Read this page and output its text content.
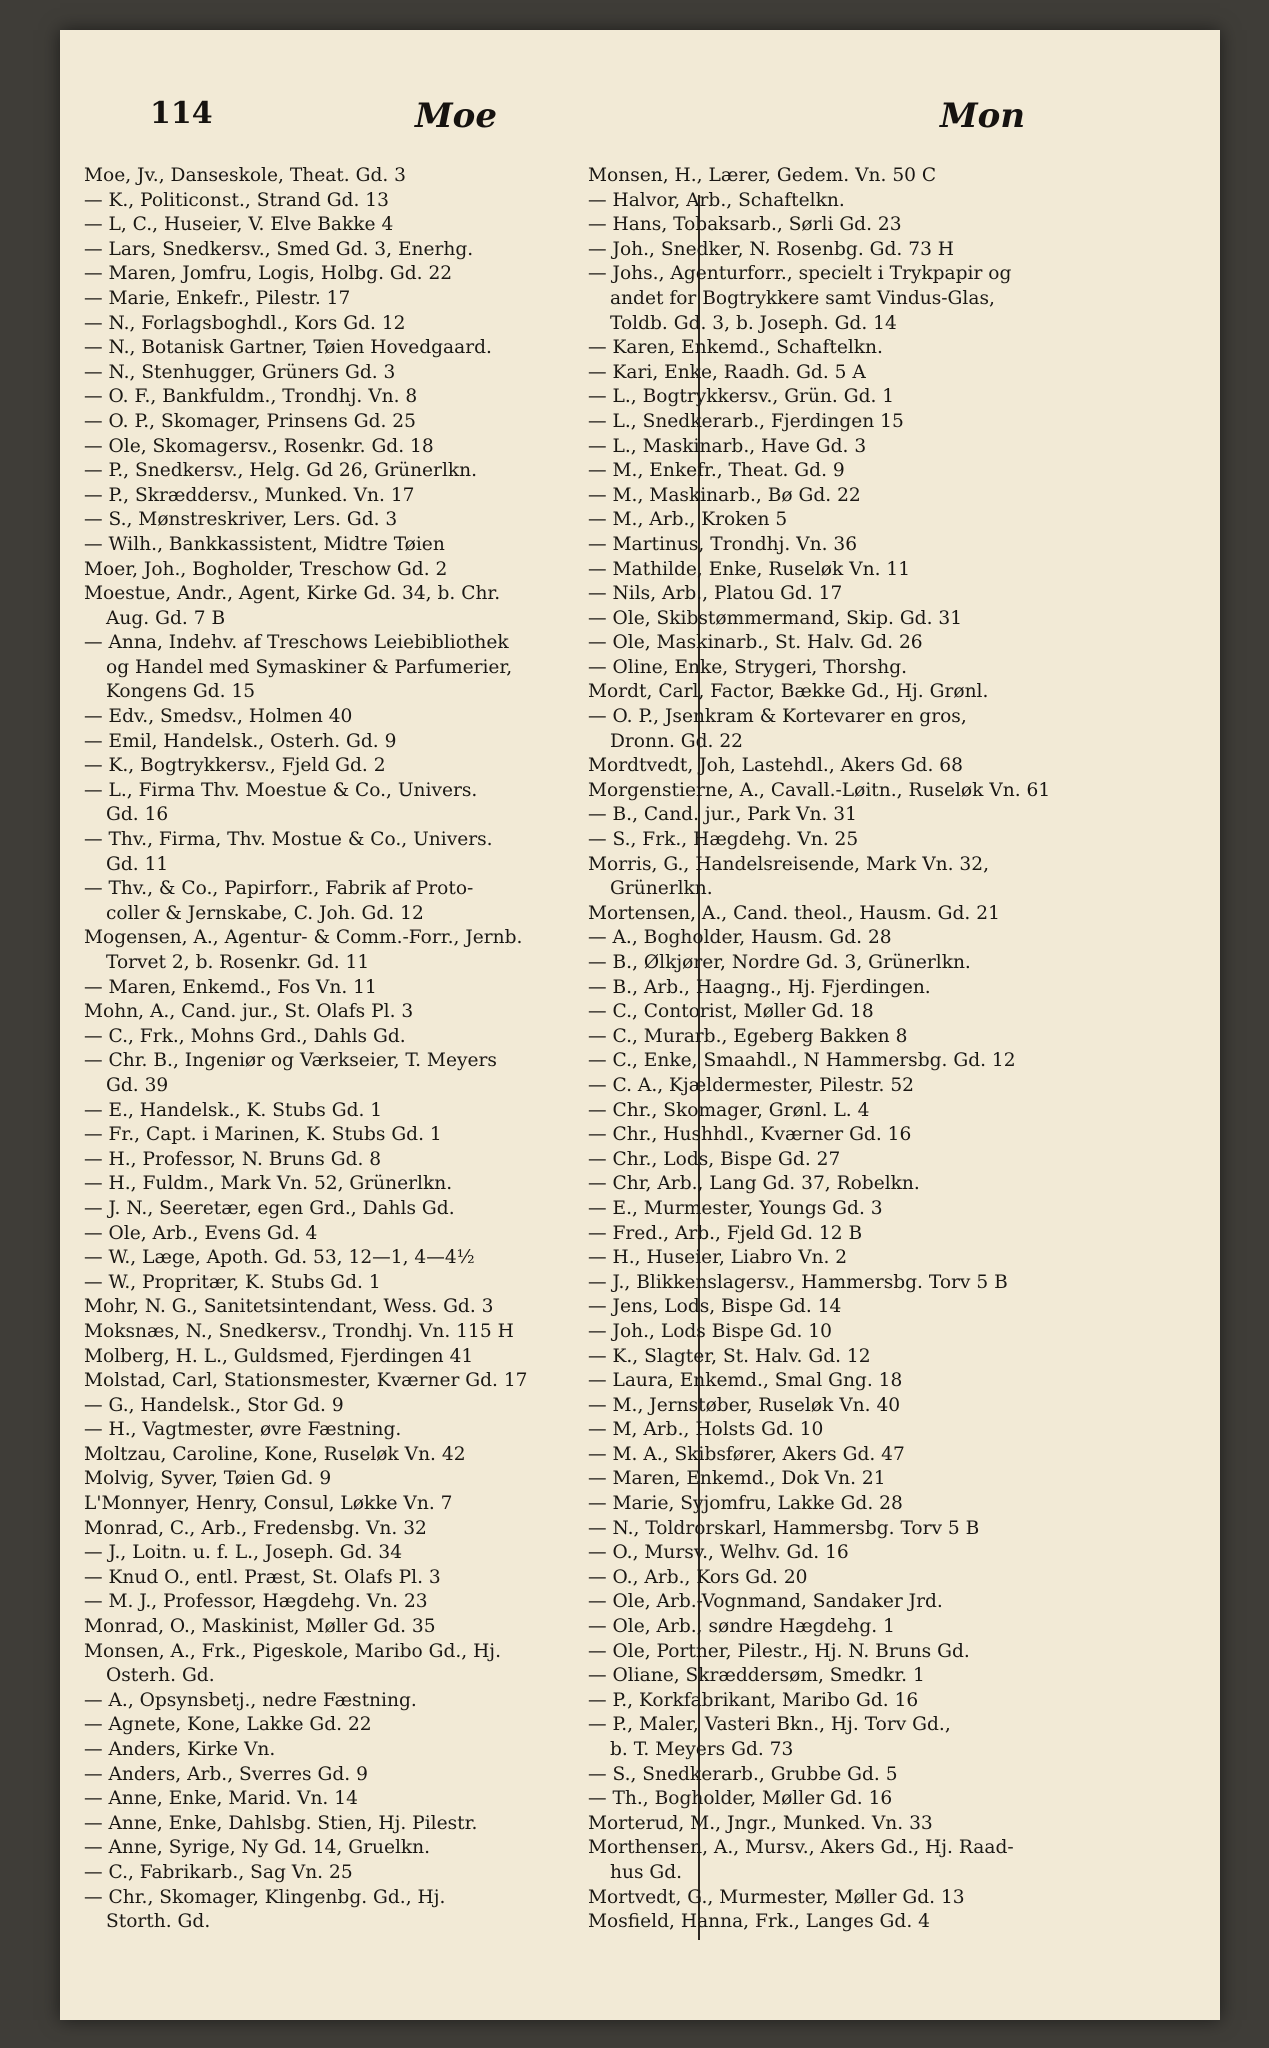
114	Moe	Mon
Moe, Jv., Danseskole, Theat. Gd. 3
— K., Politiconst., Strand Gd. 13
— L, C., Huseier, V. Elve Bakke 4
— Lars, Snedkersv., Smed Gd. 3, Enerhg.
— Maren, Jomfru, Logis, Holbg. Gd. 22
— Marie, Enkefr., Pilestr. 17
— N., Forlagsboghdl., Kors Gd. 12
— N., Botanisk Gartner, Tøien Hovedgaard.
— N., Stenhugger, Grüners Gd. 3
— O. F., Bankfuldm., Trondhj. Vn. 8
— O. P., Skomager, Prinsens Gd. 25
— Ole, Skomagersv., Rosenkr. Gd. 18
— P., Snedkersv., Helg. Gd 26, Grünerlkn.
— P., Skræddersv., Munked. Vn. 17
— S., Mønstreskriver, Lers. Gd. 3
— Wilh., Bankkassistent, Midtre Tøien
Moer, Joh., Bogholder, Treschow Gd. 2
Moestue, Andr., Agent, Kirke Gd. 34, b. Chr.
Aug. Gd. 7 B
— Anna, Indehv. af Treschows Leiebibliothek
og Handel med Symaskiner & Parfumerier,
Kongens Gd. 15
— Edv., Smedsv., Holmen 40
— Emil, Handelsk., Osterh. Gd. 9
— K., Bogtrykkersv., Fjeld Gd. 2
— L., Firma Thv. Moestue & Co., Univers.
Gd. 16
— Thv., Firma, Thv. Mostue & Co., Univers.
Gd. 11
— Thv., & Co., Papirforr., Fabrik af Proto-
coller & Jernskabe, C. Joh. Gd. 12
Mogensen, A., Agentur- & Comm.-Forr., Jernb.
Torvet 2, b. Rosenkr. Gd. 11
— Maren, Enkemd., Fos Vn. 11
Mohn, A., Cand. jur., St. Olafs Pl. 3
— C., Frk., Mohns Grd., Dahls Gd.
— Chr. B., Ingeniør og Værkseier, T. Meyers
Gd. 39
— E., Handelsk., K. Stubs Gd. 1
— Fr., Capt. i Marinen, K. Stubs Gd. 1
— H., Professor, N. Bruns Gd. 8
— H., Fuldm., Mark Vn. 52, Grünerlkn.
— J. N., Seeretær, egen Grd., Dahls Gd.
— Ole, Arb., Evens Gd. 4
— W., Læge, Apoth. Gd. 53, 12—1, 4—4½
— W., Propritær, K. Stubs Gd. 1
Mohr, N. G., Sanitetsintendant, Wess. Gd. 3
Moksnæs, N., Snedkersv., Trondhj. Vn. 115 H
Molberg, H. L., Guldsmed, Fjerdingen 41
Molstad, Carl, Stationsmester, Kværner Gd. 17
— G., Handelsk., Stor Gd. 9
— H., Vagtmester, øvre Fæstning.
Moltzau, Caroline, Kone, Ruseløk Vn. 42
Molvig, Syver, Tøien Gd. 9
L'Monnyer, Henry, Consul, Løkke Vn. 7
Monrad, C., Arb., Fredensbg. Vn. 32
— J., Loitn. u. f. L., Joseph. Gd. 34
— Knud O., entl. Præst, St. Olafs Pl. 3
— M. J., Professor, Hægdehg. Vn. 23
Monrad, O., Maskinist, Møller Gd. 35
Monsen, A., Frk., Pigeskole, Maribo Gd., Hj.
Osterh. Gd.
— A., Opsynsbetj., nedre Fæstning.
— Agnete, Kone, Lakke Gd. 22
— Anders, Kirke Vn.
— Anders, Arb., Sverres Gd. 9
— Anne, Enke, Marid. Vn. 14
— Anne, Enke, Dahlsbg. Stien, Hj. Pilestr.
— Anne, Syrige, Ny Gd. 14, Gruelkn.
— C., Fabrikarb., Sag Vn. 25
— Chr., Skomager, Klingenbg. Gd., Hj.
Storth. Gd.
Monsen, H., Lærer, Gedem. Vn. 50 C
— Halvor, Arb., Schaftelkn.
— Hans, Tobaksarb., Sørli Gd. 23
— Joh., Snedker, N. Rosenbg. Gd. 73 H
— Johs., Agenturforr., specielt i Trykpapir og
andet for Bogtrykkere samt Vindus-Glas,
Toldb. Gd. 3, b. Joseph. Gd. 14
— Karen, Enkemd., Schaftelkn.
— Kari, Enke, Raadh. Gd. 5 A
— L., Bogtrykkersv., Grün. Gd. 1
— L., Snedkerarb., Fjerdingen 15
— L., Maskinarb., Have Gd. 3
— M., Enkefr., Theat. Gd. 9
— M., Maskinarb., Bø Gd. 22
— M., Arb., Kroken 5
— Martinus, Trondhj. Vn. 36
— Mathilde, Enke, Ruseløk Vn. 11
— Nils, Arb., Platou Gd. 17
— Ole, Skibstømmermand, Skip. Gd. 31
— Ole, Maskinarb., St. Halv. Gd. 26
— Oline, Enke, Strygeri, Thorshg.
Mordt, Carl, Factor, Bække Gd., Hj. Grønl.
— O. P., Jsenkram & Kortevarer en gros,
Dronn. Gd. 22
Mordtvedt, Joh, Lastehdl., Akers Gd. 68
Morgenstierne, A., Cavall.-Løitn., Ruseløk Vn. 61
— B., Cand. jur., Park Vn. 31
— S., Frk., Hægdehg. Vn. 25
Morris, G., Handelsreisende, Mark Vn. 32,
Grünerlkn.
Mortensen, A., Cand. theol., Hausm. Gd. 21
— A., Bogholder, Hausm. Gd. 28
— B., Ølkjører, Nordre Gd. 3, Grünerlkn.
— B., Arb., Haagng., Hj. Fjerdingen.
— C., Contorist, Møller Gd. 18
— C., Murarb., Egeberg Bakken 8
— C., Enke, Smaahdl., N Hammersbg. Gd. 12
— C. A., Kjældermester, Pilestr. 52
— Chr., Skomager, Grønl. L. 4
— Chr., Hushhdl., Kværner Gd. 16
— Chr., Lods, Bispe Gd. 27
— Chr, Arb., Lang Gd. 37, Robelkn.
— E., Murmester, Youngs Gd. 3
— Fred., Arb., Fjeld Gd. 12 B
— H., Huseier, Liabro Vn. 2
— J., Blikkenslagersv., Hammersbg. Torv 5 B
— Jens, Lods, Bispe Gd. 14
— Joh., Lods Bispe Gd. 10
— K., Slagter, St. Halv. Gd. 12
— Laura, Enkemd., Smal Gng. 18
— M., Jernstøber, Ruseløk Vn. 40
— M, Arb., Holsts Gd. 10
— M. A., Skibsfører, Akers Gd. 47
— Maren, Enkemd., Dok Vn. 21
— Marie, Syjomfru, Lakke Gd. 28
— N., Toldrorskarl, Hammersbg. Torv 5 B
— O., Mursv., Welhv. Gd. 16
— O., Arb., Kors Gd. 20
— Ole, Arb.-Vognmand, Sandaker Jrd.
— Ole, Arb., søndre Hægdehg. 1
— Ole, Portner, Pilestr., Hj. N. Bruns Gd.
— Oliane, Skræddersøm, Smedkr. 1
— P., Korkfabrikant, Maribo Gd. 16
— P., Maler, Vasteri Bkn., Hj. Torv Gd.,
b. T. Meyers Gd. 73
— S., Snedkerarb., Grubbe Gd. 5
— Th., Bogholder, Møller Gd. 16
Morterud, M., Jngr., Munked. Vn. 33
Morthensen, A., Mursv., Akers Gd., Hj. Raad-
hus Gd.
Mortvedt, G., Murmester, Møller Gd. 13
Mosfield, Hanna, Frk., Langes Gd. 4
